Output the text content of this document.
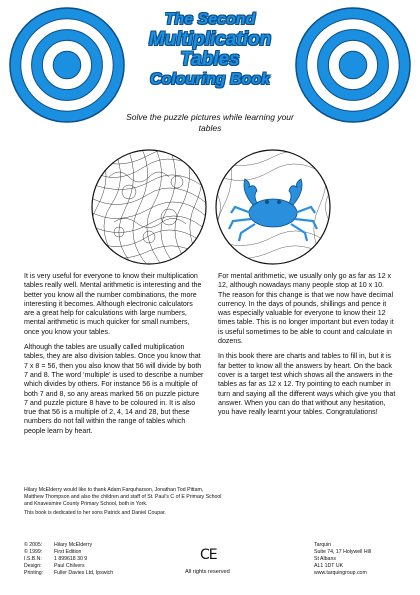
The Second
Multiplication
Tables
Colouring Book
Solve the puzzle pictures while learning your tables

It is very useful for everyone to know their multiplication tables really well. Mental arithmetic is interesting and the better you know all the number combinations, the more interesting it becomes. Although electronic calculators are a great help for calculations with large numbers, mental arithmetic is much quicker for small numbers, once you know your tables.

Although the tables are usually called multiplication tables, they are also division tables. Once you know that 7 x 8 = 56, then you also know that 56 will divide by both 7 and 8. The word ‘multiple’ is used to describe a number which divides by others. For instance 56 is a multiple of both 7 and 8, so any areas marked 56 on puzzle picture 7 and puzzle picture 8 have to be coloured in. It is also true that 56 is a multiple of 2, 4, 14 and 28, but these numbers do not fall within the range of tables which people learn by heart.

For mental arithmetic, we usually only go as far as 12 x 12, although nowadays many people stop at 10 x 10. The reason for this change is that we now have decimal currency. In the days of pounds, shillings and pence it was especially valuable for everyone to know their 12 times table. This is no longer important but even today it is useful sometimes to be able to count and calculate in dozens.

In this book there are charts and tables to fill in, but it is far better to know all the answers by heart. On the back cover is a target test which shows all the answers in the tables as far as 12 x 12. Try pointing to each number in turn and saying all the different ways which give you that answer. When you can do that without any hesitation, you have really learnt your tables. Congratulations!

Hilary McElderry would like to thank Adam Farquharson, Jonathan Tod Pittam, Matthew Thompson and also the children and staff of St. Paul's C of E Primary School and Knavesmire County Primary School, both in York.

This book is dedicated to her sons Patrick and Daniel Coupar.

© 2005:	Hilary McElderry
© 1999:	First Edition
I.S.B.N:	1 899618 30 9
Design:	Paul Chilvers
Printing:	Fuller Davies Ltd, Ipswich
CE
All rights reserved
Tarquin
Suite 74, 17 Holywell Hill
St Albans
AL1 1DT UK
www.tarquingroup.com
